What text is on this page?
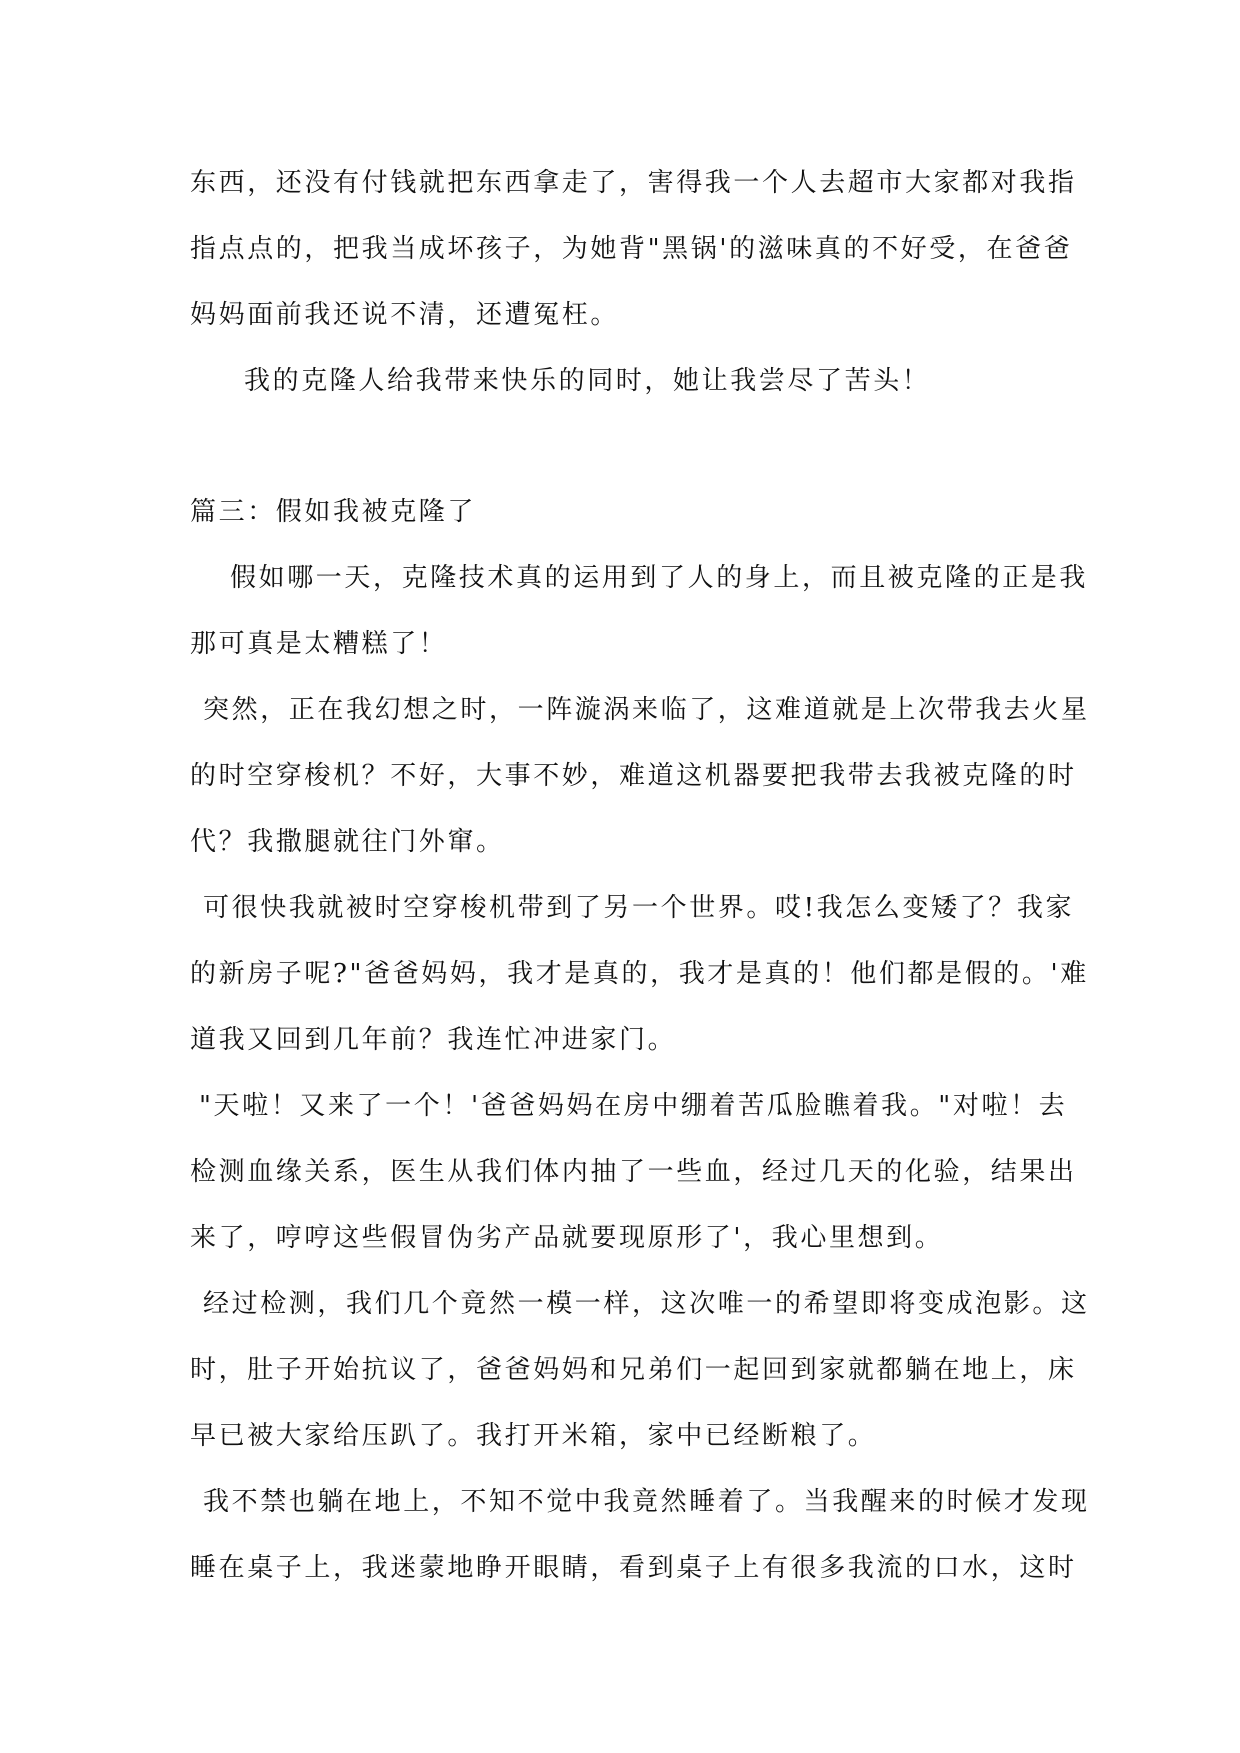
东西，还没有付钱就把东西拿走了，害得我一个人去超市大家都对我指
指点点的，把我当成坏孩子，为她背"黑锅'的滋味真的不好受，在爸爸
妈妈面前我还说不清，还遭冤枉。
我的克隆人给我带来快乐的同时，她让我尝尽了苦头！
篇三：假如我被克隆了
假如哪一天，克隆技术真的运用到了人的身上，而且被克隆的正是我
那可真是太糟糕了！
突然，正在我幻想之时，一阵漩涡来临了，这难道就是上次带我去火星
的时空穿梭机？不好，大事不妙，难道这机器要把我带去我被克隆的时
代？我撒腿就往门外窜。
可很快我就被时空穿梭机带到了另一个世界。哎!我怎么变矮了？我家
的新房子呢?"爸爸妈妈，我才是真的，我才是真的！他们都是假的。'难
道我又回到几年前？我连忙冲进家门。
"天啦！又来了一个！'爸爸妈妈在房中绷着苦瓜脸瞧着我。"对啦！去
检测血缘关系，医生从我们体内抽了一些血，经过几天的化验，结果出
来了，哼哼这些假冒伪劣产品就要现原形了'，我心里想到。
经过检测，我们几个竟然一模一样，这次唯一的希望即将变成泡影。这
时，肚子开始抗议了，爸爸妈妈和兄弟们一起回到家就都躺在地上，床
早已被大家给压趴了。我打开米箱，家中已经断粮了。
我不禁也躺在地上，不知不觉中我竟然睡着了。当我醒来的时候才发现
睡在桌子上，我迷蒙地睁开眼睛，看到桌子上有很多我流的口水，这时
